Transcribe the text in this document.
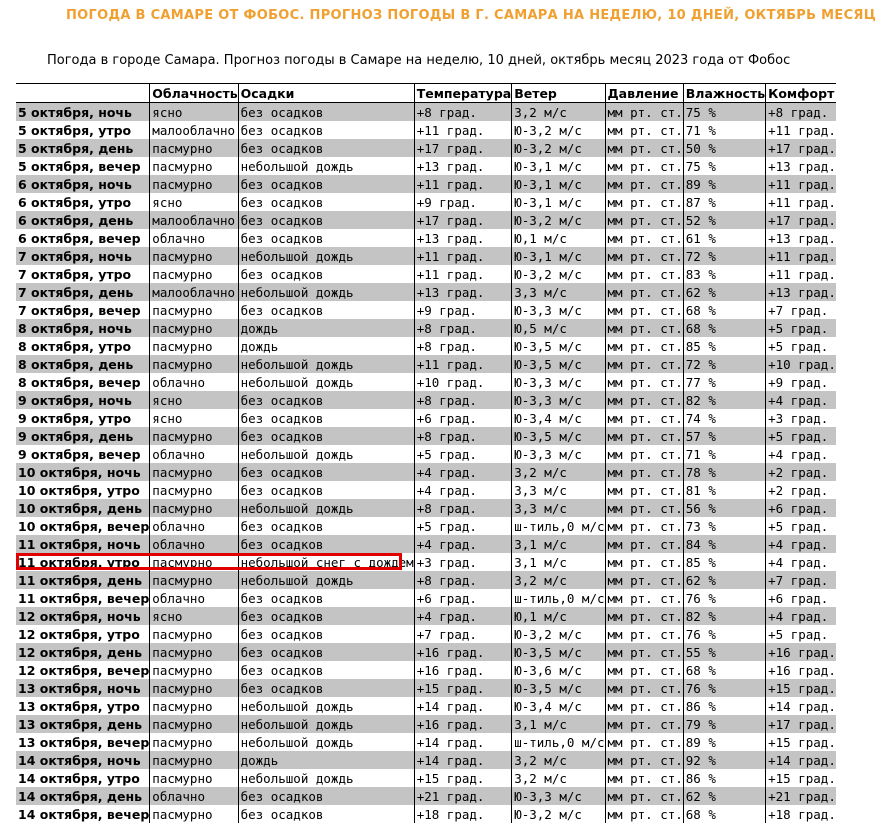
ПОГОДА В САМАРЕ ОТ ФОБОС. ПРОГНОЗ ПОГОДЫ В Г. САМАРА НА НЕДЕЛЮ, 10 ДНЕЙ, ОКТЯБРЬ МЕСЯЦ
Погода в городе Самара. Прогноз погоды в Самаре на неделю, 10 дней, октябрь месяц 2023 года от Фобос
	Облачность	Осадки	Температура	Ветер	Давление	Влажность	Комфорт
5 октября, ночь	ясно	без осадков	+8 град.	3,2 м/с	мм рт. ст.	75 %	+8 град.
5 октября, утро	малооблачно	без осадков	+11 град.	Ю-3,2 м/с	мм рт. ст.	71 %	+11 град.
5 октября, день	пасмурно	без осадков	+17 град.	Ю-3,2 м/с	мм рт. ст.	50 %	+17 град.
5 октября, вечер	пасмурно	небольшой дождь	+13 град.	Ю-3,1 м/с	мм рт. ст.	75 %	+13 град.
6 октября, ночь	пасмурно	без осадков	+11 град.	Ю-3,1 м/с	мм рт. ст.	89 %	+11 град.
6 октября, утро	ясно	без осадков	+9 град.	Ю-3,1 м/с	мм рт. ст.	87 %	+11 град.
6 октября, день	малооблачно	без осадков	+17 град.	Ю-3,2 м/с	мм рт. ст.	52 %	+17 град.
6 октября, вечер	облачно	без осадков	+13 град.	Ю,1 м/с	мм рт. ст.	61 %	+13 град.
7 октября, ночь	пасмурно	небольшой дождь	+11 град.	Ю-3,1 м/с	мм рт. ст.	72 %	+11 град.
7 октября, утро	пасмурно	без осадков	+11 град.	Ю-3,2 м/с	мм рт. ст.	83 %	+11 град.
7 октября, день	малооблачно	небольшой дождь	+13 град.	3,3 м/с	мм рт. ст.	62 %	+13 град.
7 октября, вечер	пасмурно	без осадков	+9 град.	Ю-3,3 м/с	мм рт. ст.	68 %	+7 град.
8 октября, ночь	пасмурно	дождь	+8 град.	Ю,5 м/с	мм рт. ст.	68 %	+5 град.
8 октября, утро	пасмурно	дождь	+8 град.	Ю-3,5 м/с	мм рт. ст.	85 %	+5 град.
8 октября, день	пасмурно	небольшой дождь	+11 град.	Ю-3,5 м/с	мм рт. ст.	72 %	+10 град.
8 октября, вечер	облачно	небольшой дождь	+10 град.	Ю-3,3 м/с	мм рт. ст.	77 %	+9 град.
9 октября, ночь	ясно	без осадков	+8 град.	Ю-3,3 м/с	мм рт. ст.	82 %	+4 град.
9 октября, утро	ясно	без осадков	+6 град.	Ю-3,4 м/с	мм рт. ст.	74 %	+3 град.
9 октября, день	пасмурно	без осадков	+8 град.	Ю-3,5 м/с	мм рт. ст.	57 %	+5 град.
9 октября, вечер	облачно	небольшой дождь	+5 град.	Ю-3,3 м/с	мм рт. ст.	71 %	+4 град.
10 октября, ночь	пасмурно	без осадков	+4 град.	3,2 м/с	мм рт. ст.	78 %	+2 град.
10 октября, утро	пасмурно	без осадков	+4 град.	3,3 м/с	мм рт. ст.	81 %	+2 град.
10 октября, день	пасмурно	небольшой дождь	+8 град.	3,3 м/с	мм рт. ст.	56 %	+6 град.
10 октября, вечер	облачно	без осадков	+5 град.	ш-тиль,0 м/с	мм рт. ст.	73 %	+5 град.
11 октября, ночь	облачно	без осадков	+4 град.	3,1 м/с	мм рт. ст.	84 %	+4 град.
11 октября, утро	пасмурно	небольшой снег с дождем	+3 град.	3,1 м/с	мм рт. ст.	85 %	+4 град.
11 октября, день	пасмурно	небольшой дождь	+8 град.	3,2 м/с	мм рт. ст.	62 %	+7 град.
11 октября, вечер	облачно	без осадков	+6 град.	ш-тиль,0 м/с	мм рт. ст.	76 %	+6 град.
12 октября, ночь	ясно	без осадков	+4 град.	Ю,1 м/с	мм рт. ст.	82 %	+4 град.
12 октября, утро	пасмурно	без осадков	+7 град.	Ю-3,2 м/с	мм рт. ст.	76 %	+5 град.
12 октября, день	пасмурно	без осадков	+16 град.	Ю-3,5 м/с	мм рт. ст.	55 %	+16 град.
12 октября, вечер	пасмурно	без осадков	+16 град.	Ю-3,6 м/с	мм рт. ст.	68 %	+16 град.
13 октября, ночь	пасмурно	без осадков	+15 град.	Ю-3,5 м/с	мм рт. ст.	76 %	+15 град.
13 октября, утро	пасмурно	небольшой дождь	+14 град.	Ю-3,4 м/с	мм рт. ст.	86 %	+14 град.
13 октября, день	пасмурно	небольшой дождь	+16 град.	3,1 м/с	мм рт. ст.	79 %	+17 град.
13 октября, вечер	пасмурно	небольшой дождь	+14 град.	ш-тиль,0 м/с	мм рт. ст.	89 %	+15 град.
14 октября, ночь	пасмурно	дождь	+14 град.	3,2 м/с	мм рт. ст.	92 %	+14 град.
14 октября, утро	пасмурно	небольшой дождь	+15 град.	3,2 м/с	мм рт. ст.	86 %	+15 град.
14 октября, день	облачно	без осадков	+21 град.	Ю-3,3 м/с	мм рт. ст.	62 %	+21 град.
14 октября, вечер	пасмурно	без осадков	+18 град.	Ю-3,2 м/с	мм рт. ст.	68 %	+18 град.
